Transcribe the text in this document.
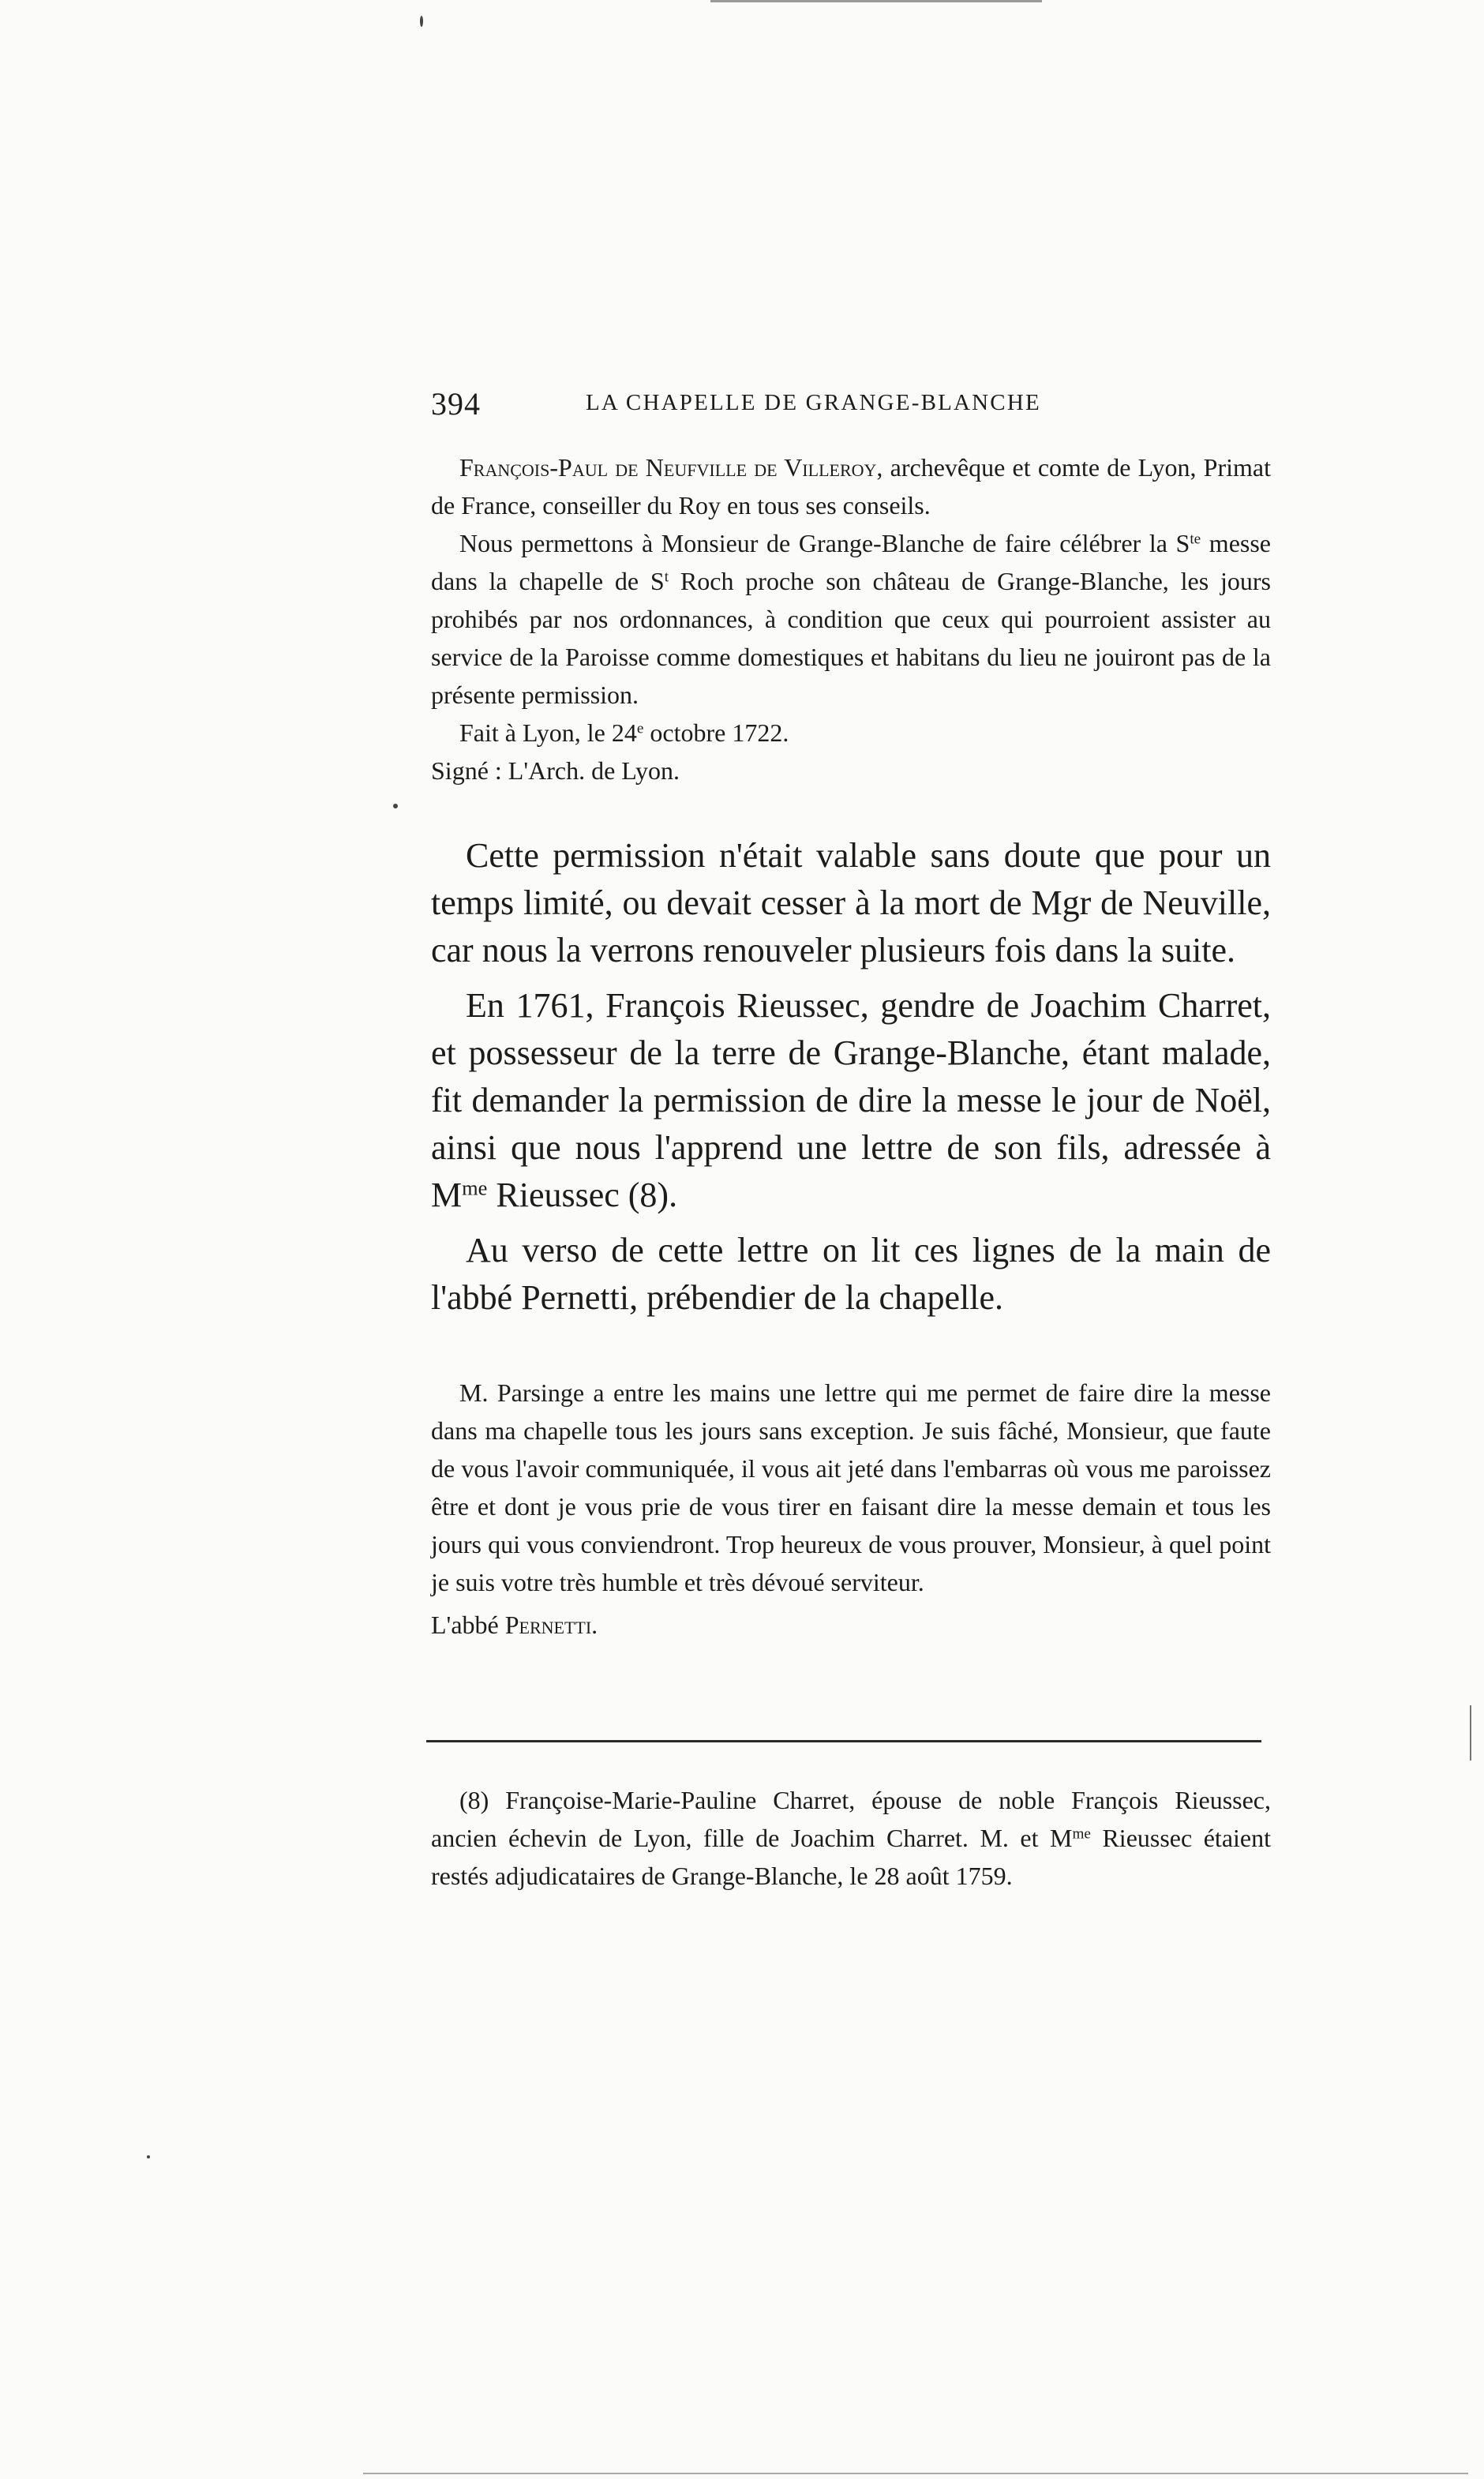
394	LA CHAPELLE DE GRANGE-BLANCHE

François-Paul de Neufville de Villeroy, archevêque et comte de Lyon, Primat de France, conseiller du Roy en tous ses conseils.

Nous permettons à Monsieur de Grange-Blanche de faire célébrer la $S^{te}$ messe dans la chapelle de $S^t$ Roch proche son château de Grange-Blanche, les jours prohibés par nos ordonnances, à condition que ceux qui pourroient assister au service de la Paroisse comme domestiques et habitans du lieu ne jouiront pas de la présente permission.

Fait à Lyon, le 24e octobre 1722.

Signé : L'Arch. de Lyon.

Cette permission n'était valable sans doute que pour un temps limité, ou devait cesser à la mort de Mgr de Neuville, car nous la verrons renouveler plusieurs fois dans la suite.

En 1761, François Rieussec, gendre de Joachim Charret, et possesseur de la terre de Grange-Blanche, étant malade, fit demander la permission de dire la messe le jour de Noël, ainsi que nous l'apprend une lettre de son fils, adressée à $M^{me}$ Rieussec (8).

Au verso de cette lettre on lit ces lignes de la main de l'abbé Pernetti, prébendier de la chapelle.

M. Parsinge a entre les mains une lettre qui me permet de faire dire la messe dans ma chapelle tous les jours sans exception. Je suis fâché, Monsieur, que faute de vous l'avoir communiquée, il vous ait jeté dans l'embarras où vous me paroissez être et dont je vous prie de vous tirer en faisant dire la messe demain et tous les jours qui vous conviendront. Trop heureux de vous prouver, Monsieur, à quel point je suis votre très humble et très dévoué serviteur.

L'abbé Pernetti.

(8) Françoise-Marie-Pauline Charret, épouse de noble François Rieussec, ancien échevin de Lyon, fille de Joachim Charret. M. et $M^{me}$ Rieussec étaient restés adjudicataires de Grange-Blanche, le 28 août 1759.
